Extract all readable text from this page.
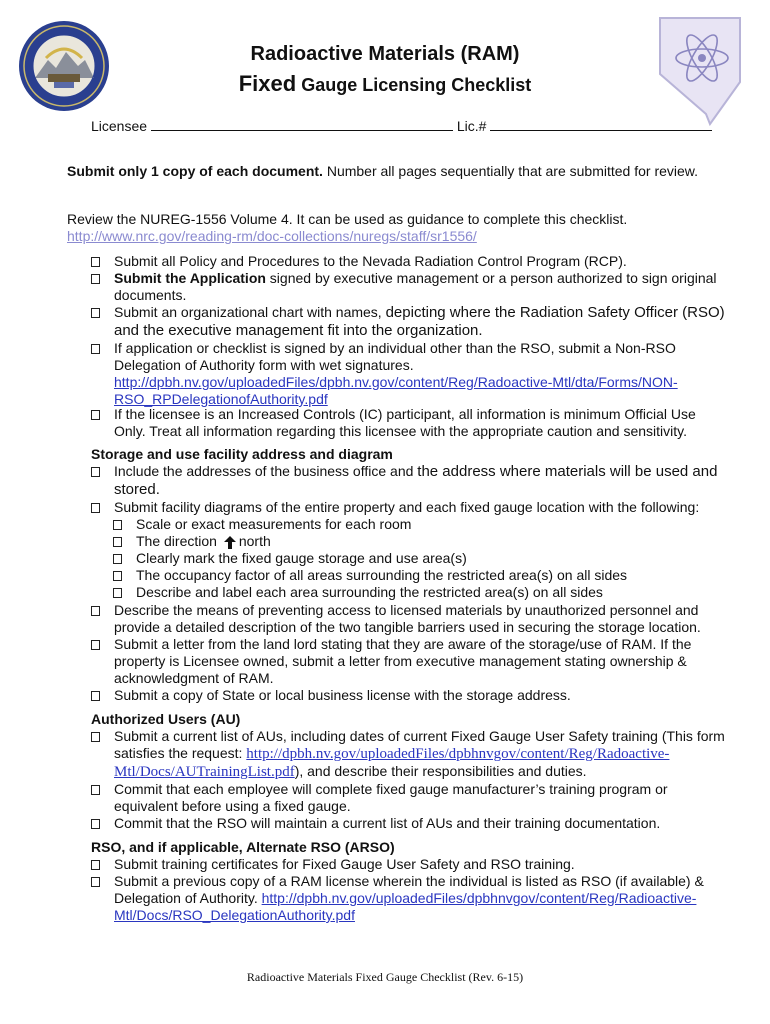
Radioactive Materials (RAM)
Fixed Gauge Licensing Checklist
Licensee	Lic.#
Submit only 1 copy of each document. Number all pages sequentially that are submitted for review.
Review the NUREG-1556 Volume 4. It can be used as guidance to complete this checklist.
http://www.nrc.gov/reading-rm/doc-collections/nuregs/staff/sr1556/
Submit all Policy and Procedures to the Nevada Radiation Control Program (RCP).
Submit the Application signed by executive management or a person authorized to sign original
documents.
Submit an organizational chart with names, depicting where the Radiation Safety Officer (RSO)
and the executive management fit into the organization.
If application or checklist is signed by an individual other than the RSO, submit a Non-RSO
Delegation of Authority form with wet signatures.
http://dpbh.nv.gov/uploadedFiles/dpbh.nv.gov/content/Reg/Radoactive-Mtl/dta/Forms/NON-
RSO_RPDelegationofAuthority.pdf
If the licensee is an Increased Controls (IC) participant, all information is minimum Official Use
Only. Treat all information regarding this licensee with the appropriate caution and sensitivity.
Storage and use facility address and diagram
Include the addresses of the business office and the address where materials will be used and
stored.
Submit facility diagrams of the entire property and each fixed gauge location with the following:
Scale or exact measurements for each room
The direction north
Clearly mark the fixed gauge storage and use area(s)
The occupancy factor of all areas surrounding the restricted area(s) on all sides
Describe and label each area surrounding the restricted area(s) on all sides
Describe the means of preventing access to licensed materials by unauthorized personnel and
provide a detailed description of the two tangible barriers used in securing the storage location.
Submit a letter from the land lord stating that they are aware of the storage/use of RAM. If the
property is Licensee owned, submit a letter from executive management stating ownership &
acknowledgment of RAM.
Submit a copy of State or local business license with the storage address.
Authorized Users (AU)
Submit a current list of AUs, including dates of current Fixed Gauge User Safety training (This form
satisfies the request: http://dpbh.nv.gov/uploadedFiles/dpbhnvgov/content/Reg/Radoactive-
Mtl/Docs/AUTrainingList.pdf), and describe their responsibilities and duties.
Commit that each employee will complete fixed gauge manufacturer’s training program or
equivalent before using a fixed gauge.
Commit that the RSO will maintain a current list of AUs and their training documentation.
RSO, and if applicable, Alternate RSO (ARSO)
Submit training certificates for Fixed Gauge User Safety and RSO training.
Submit a previous copy of a RAM license wherein the individual is listed as RSO (if available) &
Delegation of Authority. http://dpbh.nv.gov/uploadedFiles/dpbhnvgov/content/Reg/Radioactive-
Mtl/Docs/RSO_DelegationAuthority.pdf
Radioactive Materials Fixed Gauge Checklist (Rev. 6-15)
